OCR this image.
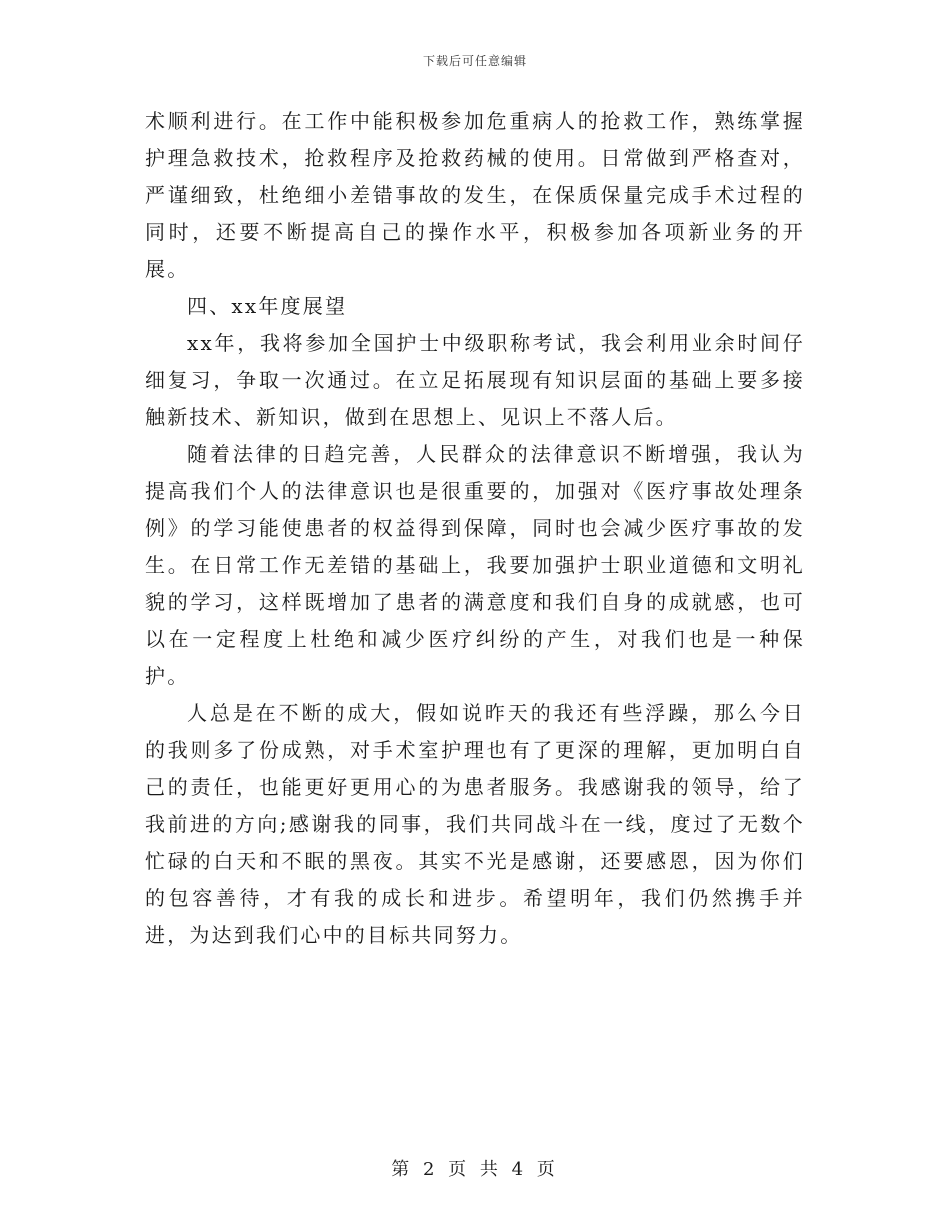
下载后可任意编辑

术顺利进行。在工作中能积极参加危重病人的抢救工作，熟练掌握护理急救技术，抢救程序及抢救药械的使用。日常做到严格查对，严谨细致，杜绝细小差错事故的发生，在保质保量完成手术过程的同时，还要不断提高自己的操作水平，积极参加各项新业务的开展。

四、xx年度展望

xx年，我将参加全国护士中级职称考试，我会利用业余时间仔细复习，争取一次通过。在立足拓展现有知识层面的基础上要多接触新技术、新知识，做到在思想上、见识上不落人后。

随着法律的日趋完善，人民群众的法律意识不断增强，我认为提高我们个人的法律意识也是很重要的，加强对《医疗事故处理条例》的学习能使患者的权益得到保障，同时也会减少医疗事故的发生。在日常工作无差错的基础上，我要加强护士职业道德和文明礼貌的学习，这样既增加了患者的满意度和我们自身的成就感，也可以在一定程度上杜绝和减少医疗纠纷的产生，对我们也是一种保护。

人总是在不断的成大，假如说昨天的我还有些浮躁，那么今日的我则多了份成熟，对手术室护理也有了更深的理解，更加明白自己的责任，也能更好更用心的为患者服务。我感谢我的领导，给了我前进的方向;感谢我的同事，我们共同战斗在一线，度过了无数个忙碌的白天和不眠的黑夜。其实不光是感谢，还要感恩，因为你们的包容善待，才有我的成长和进步。希望明年，我们仍然携手并进，为达到我们心中的目标共同努力。

第 2 页 共 4 页
